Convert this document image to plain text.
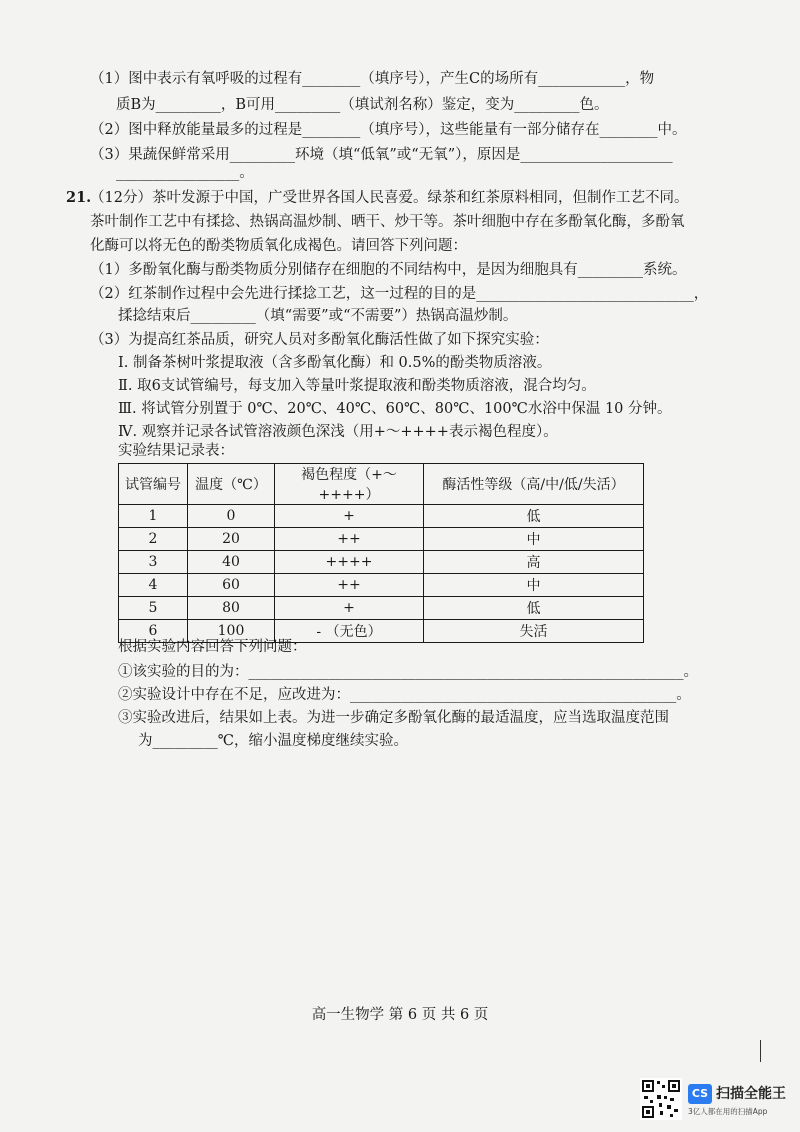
（1）图中表示有氧呼吸的过程有________（填序号），产生C的场所有____________，物
质B为_________，B可用_________（填试剂名称）鉴定，变为_________色。
（2）图中释放能量最多的过程是________（填序号），这些能量有一部分储存在________中。
（3）果蔬保鲜常采用_________环境（填“低氧”或“无氧”），原因是_____________________
_________________。
21.
（12分）茶叶发源于中国，广受世界各国人民喜爱。绿茶和红茶原料相同，但制作工艺不同。
茶叶制作工艺中有揉捻、热锅高温炒制、晒干、炒干等。茶叶细胞中存在多酚氧化酶，多酚氧
化酶可以将无色的酚类物质氧化成褐色。请回答下列问题：
（1）多酚氧化酶与酚类物质分别储存在细胞的不同结构中，是因为细胞具有_________系统。
（2）红茶制作过程中会先进行揉捻工艺，这一过程的目的是______________________________，
揉捻结束后_________（填“需要”或“不需要”）热锅高温炒制。
（3）为提高红茶品质，研究人员对多酚氧化酶活性做了如下探究实验：
Ⅰ. 制备茶树叶浆提取液（含多酚氧化酶）和 0.5%的酚类物质溶液。
Ⅱ. 取6支试管编号，每支加入等量叶浆提取液和酚类物质溶液，混合均匀。
Ⅲ. 将试管分别置于 0℃、20℃、40℃、60℃、80℃、100℃水浴中保温 10 分钟。
Ⅳ. 观察并记录各试管溶液颜色深浅（用+～++++表示褐色程度）。
实验结果记录表：
试管编号	温度（℃）	褐色程度（+～++++）	酶活性等级（高/中/低/失活）
1	0	+	低
2	20	++	中
3	40	++++	高
4	60	++	中
5	80	+	低
6	100	- （无色）	失活
根据实验内容回答下列问题：
①该实验的目的为：____________________________________________________________。
②实验设计中存在不足，应改进为：_____________________________________________。
③实验改进后，结果如上表。为进一步确定多酚氧化酶的最适温度，应当选取温度范围
为_________℃，缩小温度梯度继续实验。
高一生物学 第 6 页 共 6 页
CS 扫描全能王
3亿人都在用的扫描App
